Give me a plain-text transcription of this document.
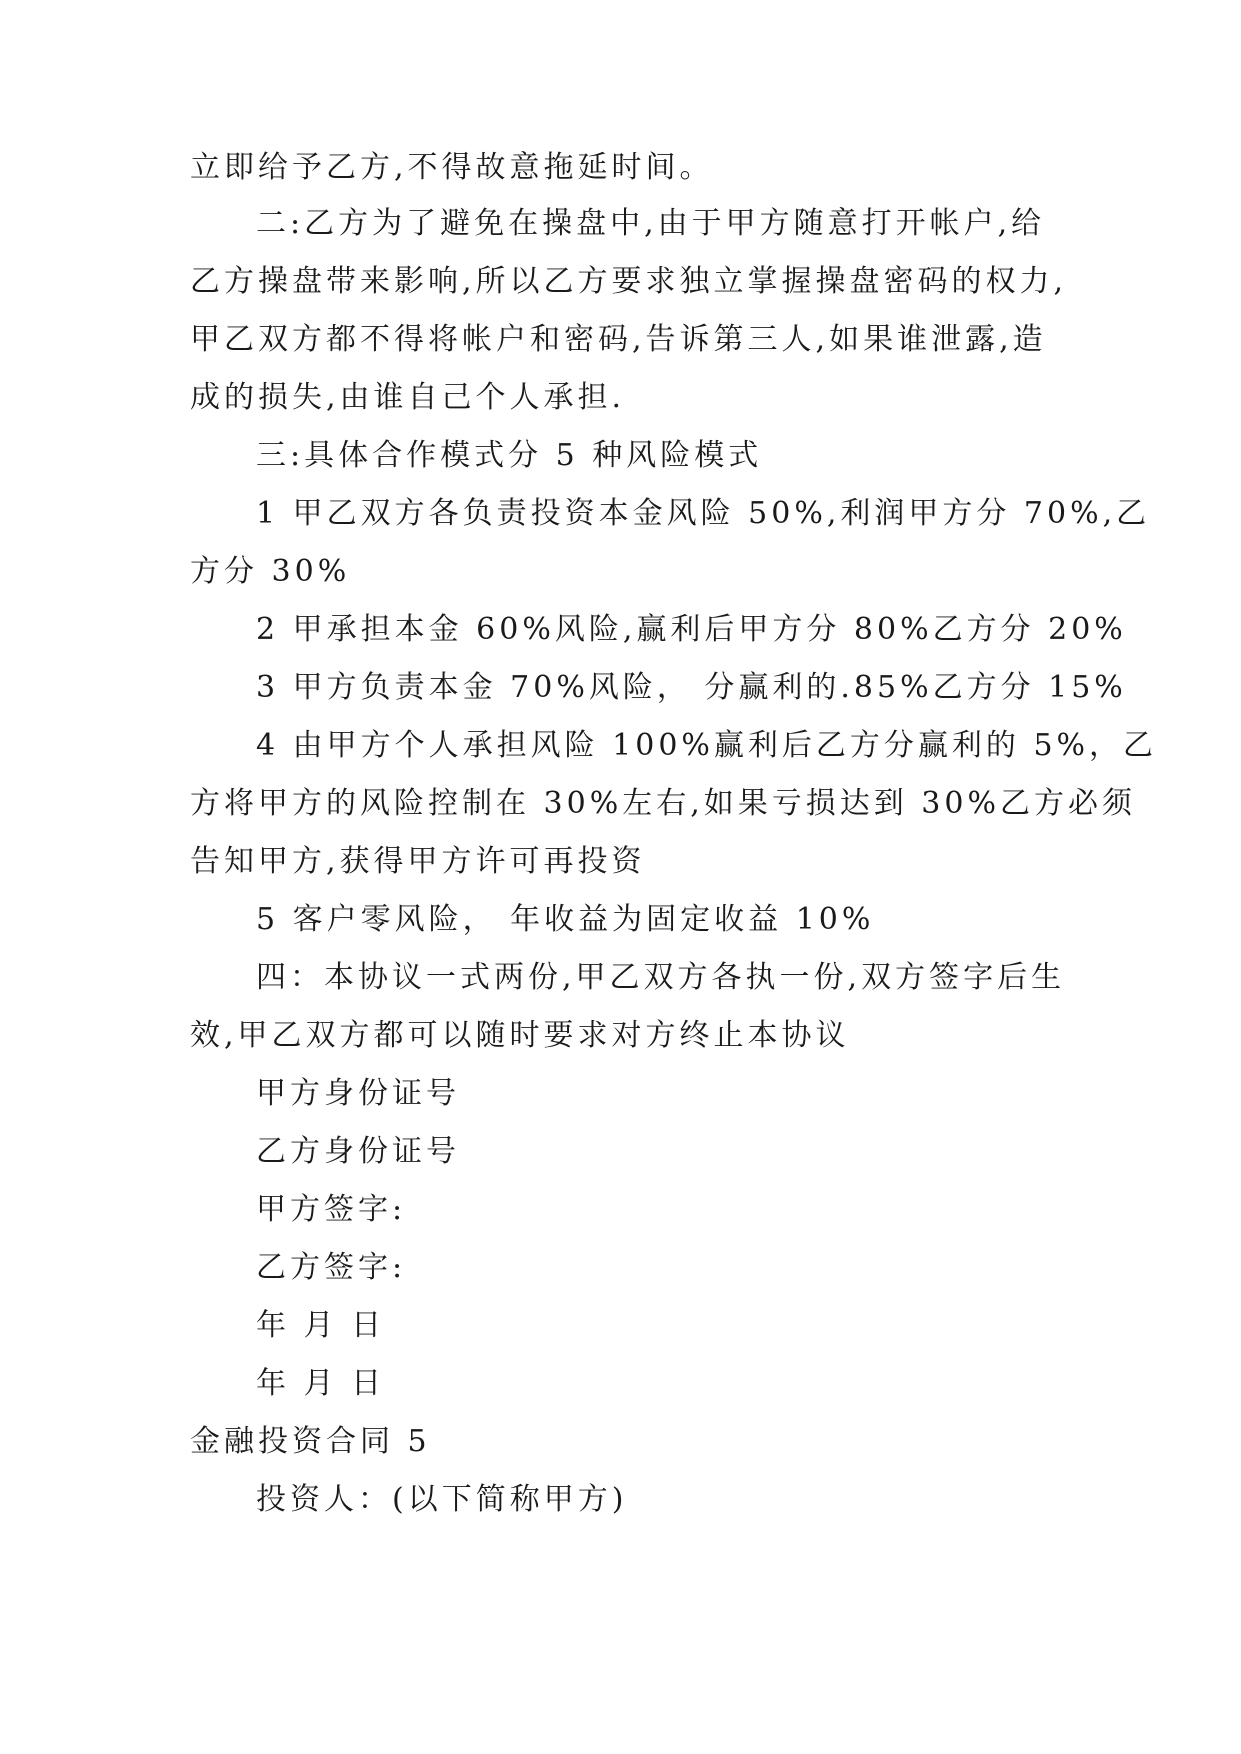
立即给予乙方,不得故意拖延时间。
二:乙方为了避免在操盘中,由于甲方随意打开帐户,给
乙方操盘带来影响,所以乙方要求独立掌握操盘密码的权力,
甲乙双方都不得将帐户和密码,告诉第三人,如果谁泄露,造
成的损失,由谁自己个人承担.
三:具体合作模式分 5 种风险模式
1 甲乙双方各负责投资本金风险 50%,利润甲方分 70%,乙
方分 30%
2 甲承担本金 60%风险,赢利后甲方分 80%乙方分 20%
3 甲方负责本金 70%风险， 分赢利的.85%乙方分 15%
4 由甲方个人承担风险 100%赢利后乙方分赢利的 5%，乙
方将甲方的风险控制在 30%左右,如果亏损达到 30%乙方必须
告知甲方,获得甲方许可再投资
5 客户零风险， 年收益为固定收益 10%
四：本协议一式两份,甲乙双方各执一份,双方签字后生
效,甲乙双方都可以随时要求对方终止本协议
甲方身份证号
乙方身份证号
甲方签字:
乙方签字:
年 月 日
年 月 日
金融投资合同 5
投资人：(以下简称甲方)
